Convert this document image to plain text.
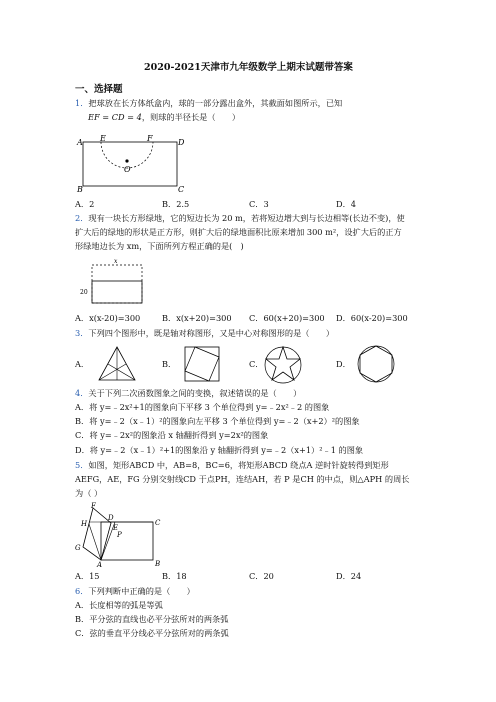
2020-2021天津市九年级数学上期末试题带答案
一、选择题
1．把球放在长方体纸盒内，球的一部分露出盒外，其截面如图所示，已知
EF = CD = 4，则球的半径长是（　　）
A E	F	D
O
B	C
A．2	B．2.5	C．3	D．4
2．现有一块长方形绿地，它的短边长为 20 m，若将短边增大到与长边相等(长边不变)，使
扩大后的绿地的形状是正方形，则扩大后的绿地面积比原来增加 300 m²，设扩大后的正方
形绿地边长为 xm，下面所列方程正确的是(　)
x
20
A．x(x-20)=300	B．x(x+20)=300 C．60(x+20)=300 D．60(x-20)=300
3．下列四个图形中，既是轴对称图形，又是中心对称图形的是（　　）
A．	B．	C．	D．
4．关于下列二次函数图象之间的变换，叙述错误的是（　　）
A．将 y=﹣2x²+1的图象向下平移 3 个单位得到 y=﹣2x²﹣2 的图象
B．将 y=﹣2（x﹣1）²的图象向左平移 3 个单位得到 y=﹣2（x+2）²的图象
C．将 y=﹣2x²的图象沿 x 轴翻折得到 y=2x²的图象
D．将 y=﹣2（x﹣1）²+1的图象沿 y 轴翻折得到 y=﹣2（x+1）²﹣1 的图象
5．如图，矩形ABCD 中，AB=8，BC=6，将矩形ABCD 绕点A 逆时针旋转得到矩形
AEFG，AE，FG 分别交射线CD 于点PH，连结AH，若 P 是CH 的中点，则△APH 的周长
为（ ）
H
F
D
C
E
P
G
A	B
A．15	B．18	C．20	D．24
6．下列判断中正确的是（　　）
A．长度相等的弧是等弧
B．平分弦的直线也必平分弦所对的两条弧
C．弦的垂直平分线必平分弦所对的两条弧
